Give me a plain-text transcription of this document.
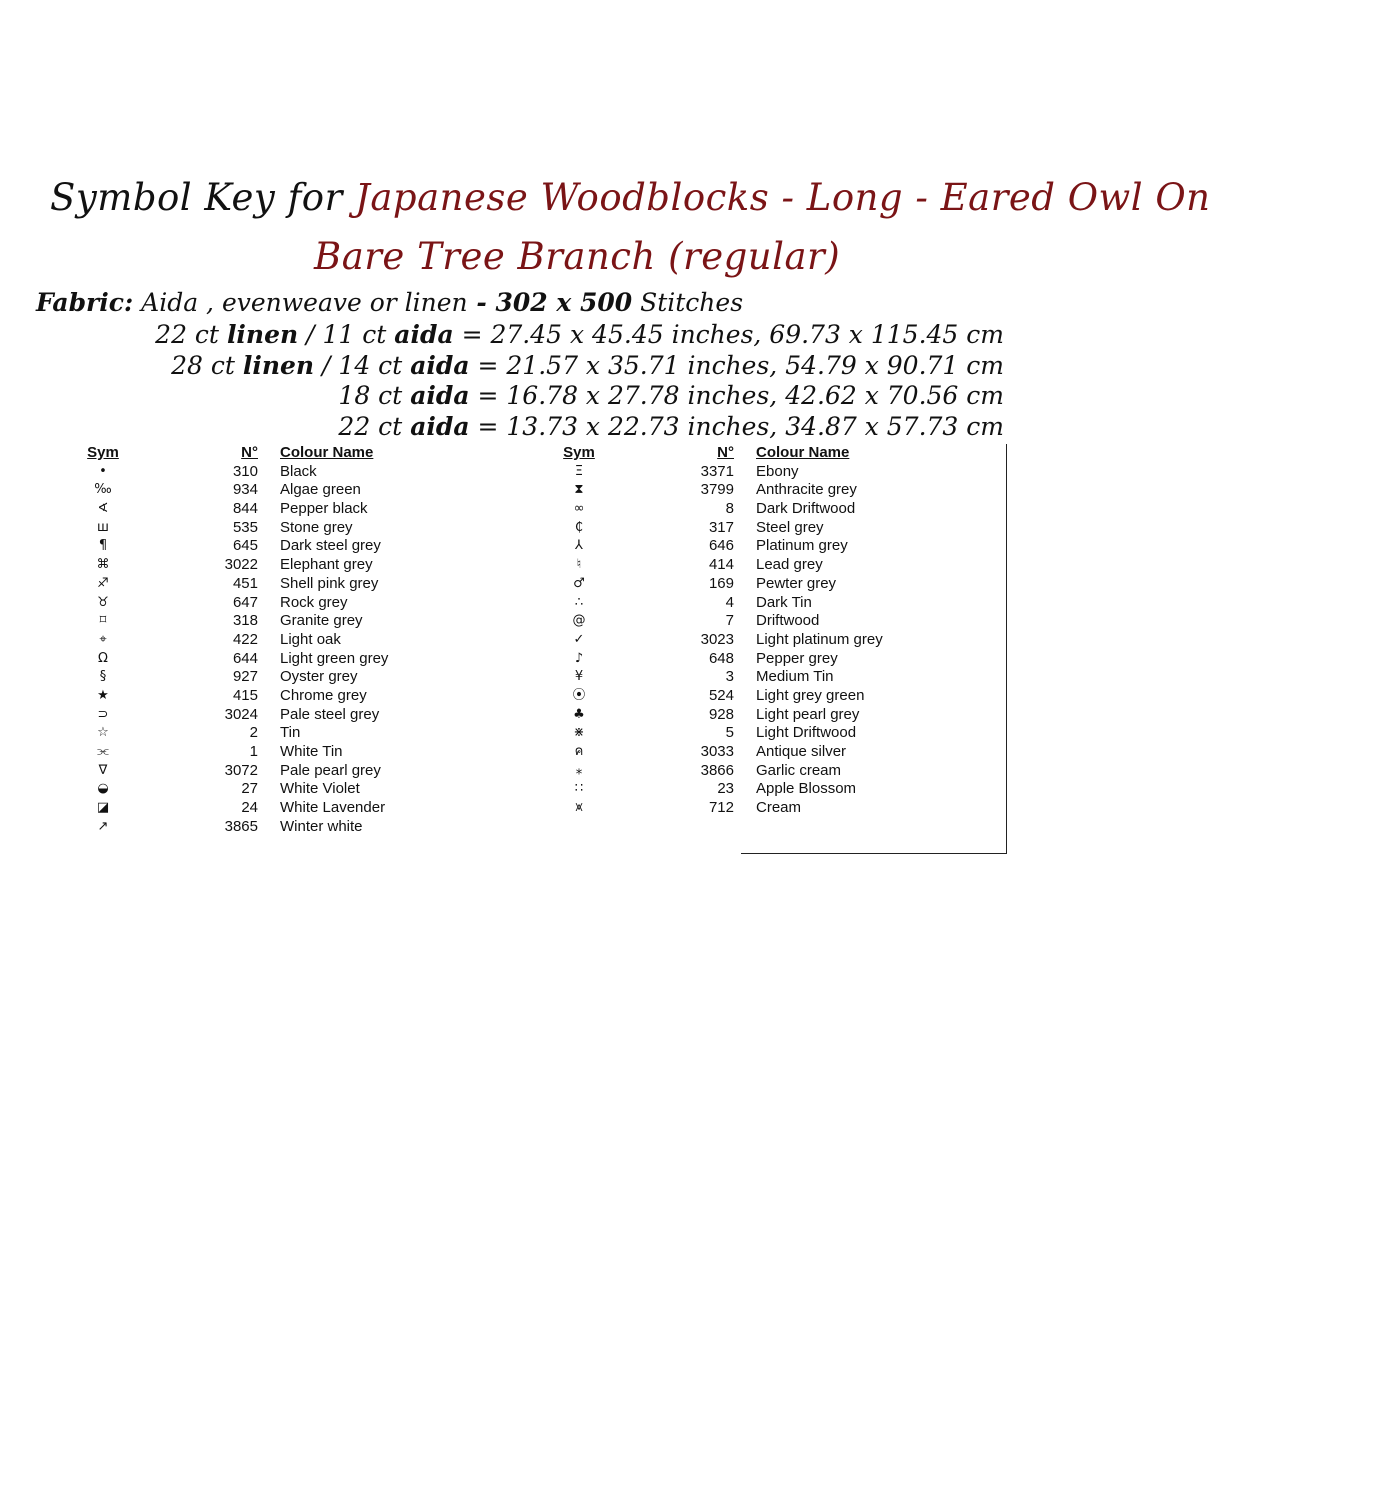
Symbol Key for Japanese Woodblocks - Long - Eared Owl On
Bare Tree Branch (regular)
Fabric: Aida , evenweave or linen - 302 x 500 Stitches
22 ct linen / 11 ct aida = 27.45 x 45.45 inches, 69.73 x 115.45 cm
28 ct linen / 14 ct aida = 21.57 x 35.71 inches, 54.79 x 90.71 cm
18 ct aida = 16.78 x 27.78 inches, 42.62 x 70.56 cm
22 ct aida = 13.73 x 22.73 inches, 34.87 x 57.73 cm
Sym	N° Colour Name
•	310 Black
‰	934 Algae green
∢	844 Pepper black
ш	535 Stone grey
¶	645 Dark steel grey
⌘	3022 Elephant grey
♐	451 Shell pink grey
♉	647 Rock grey
⌑	318 Granite grey
⌖	422 Light oak
Ω	644 Light green grey
§	927 Oyster grey
★	415 Chrome grey
⊃	3024 Pale steel grey
☆	2 Tin
⫘	1 White Tin
∇	3072 Pale pearl grey
◒	27 White Violet
◪	24 White Lavender
↗	3865 Winter white
Sym	N° Colour Name
Ξ	3371 Ebony
⧗	3799 Anthracite grey
∞	8 Dark Driftwood
₵	317 Steel grey
⅄	646 Platinum grey
♮	414 Lead grey
♂	169 Pewter grey
∴	4 Dark Tin
@	7 Driftwood
✓	3023 Light platinum grey
♪	648 Pepper grey
¥	3 Medium Tin
⦿	524 Light grey green
♣	928 Light pearl grey
⋇	5 Light Driftwood
ค	3033 Antique silver
⁎	3866 Garlic cream
∷	23 Apple Blossom
⩙	712 Cream
